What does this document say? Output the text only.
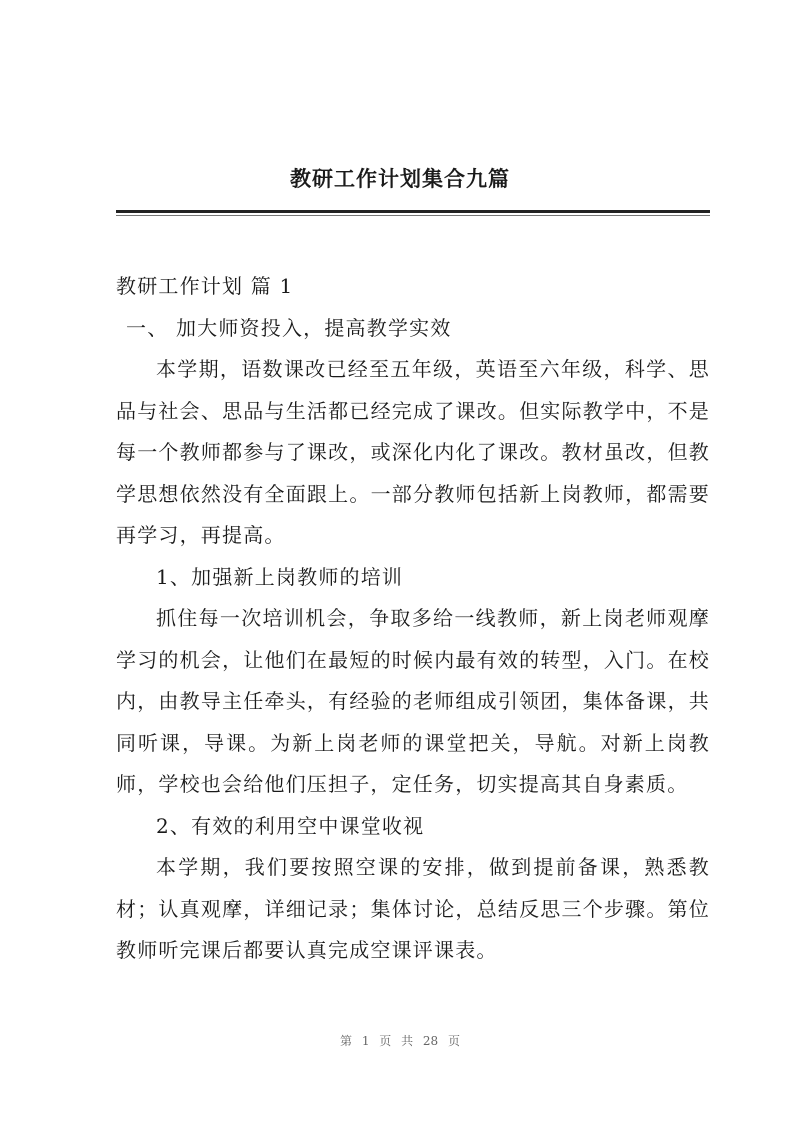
教研工作计划集合九篇

教研工作计划 篇 1

一、 加大师资投入，提高教学实效

本学期，语数课改已经至五年级，英语至六年级，科学、思品与社会、思品与生活都已经完成了课改。但实际教学中，不是每一个教师都参与了课改，或深化内化了课改。教材虽改，但教学思想依然没有全面跟上。一部分教师包括新上岗教师，都需要再学习，再提高。

1、加强新上岗教师的培训

抓住每一次培训机会，争取多给一线教师，新上岗老师观摩学习的机会，让他们在最短的时候内最有效的转型，入门。在校内，由教导主任牵头，有经验的老师组成引领团，集体备课，共同听课，导课。为新上岗老师的课堂把关，导航。对新上岗教师，学校也会给他们压担子，定任务，切实提高其自身素质。

2、有效的利用空中课堂收视

本学期，我们要按照空课的安排，做到提前备课，熟悉教材；认真观摩，详细记录；集体讨论，总结反思三个步骤。第位教师听完课后都要认真完成空课评课表。

第 1 页 共 28 页
